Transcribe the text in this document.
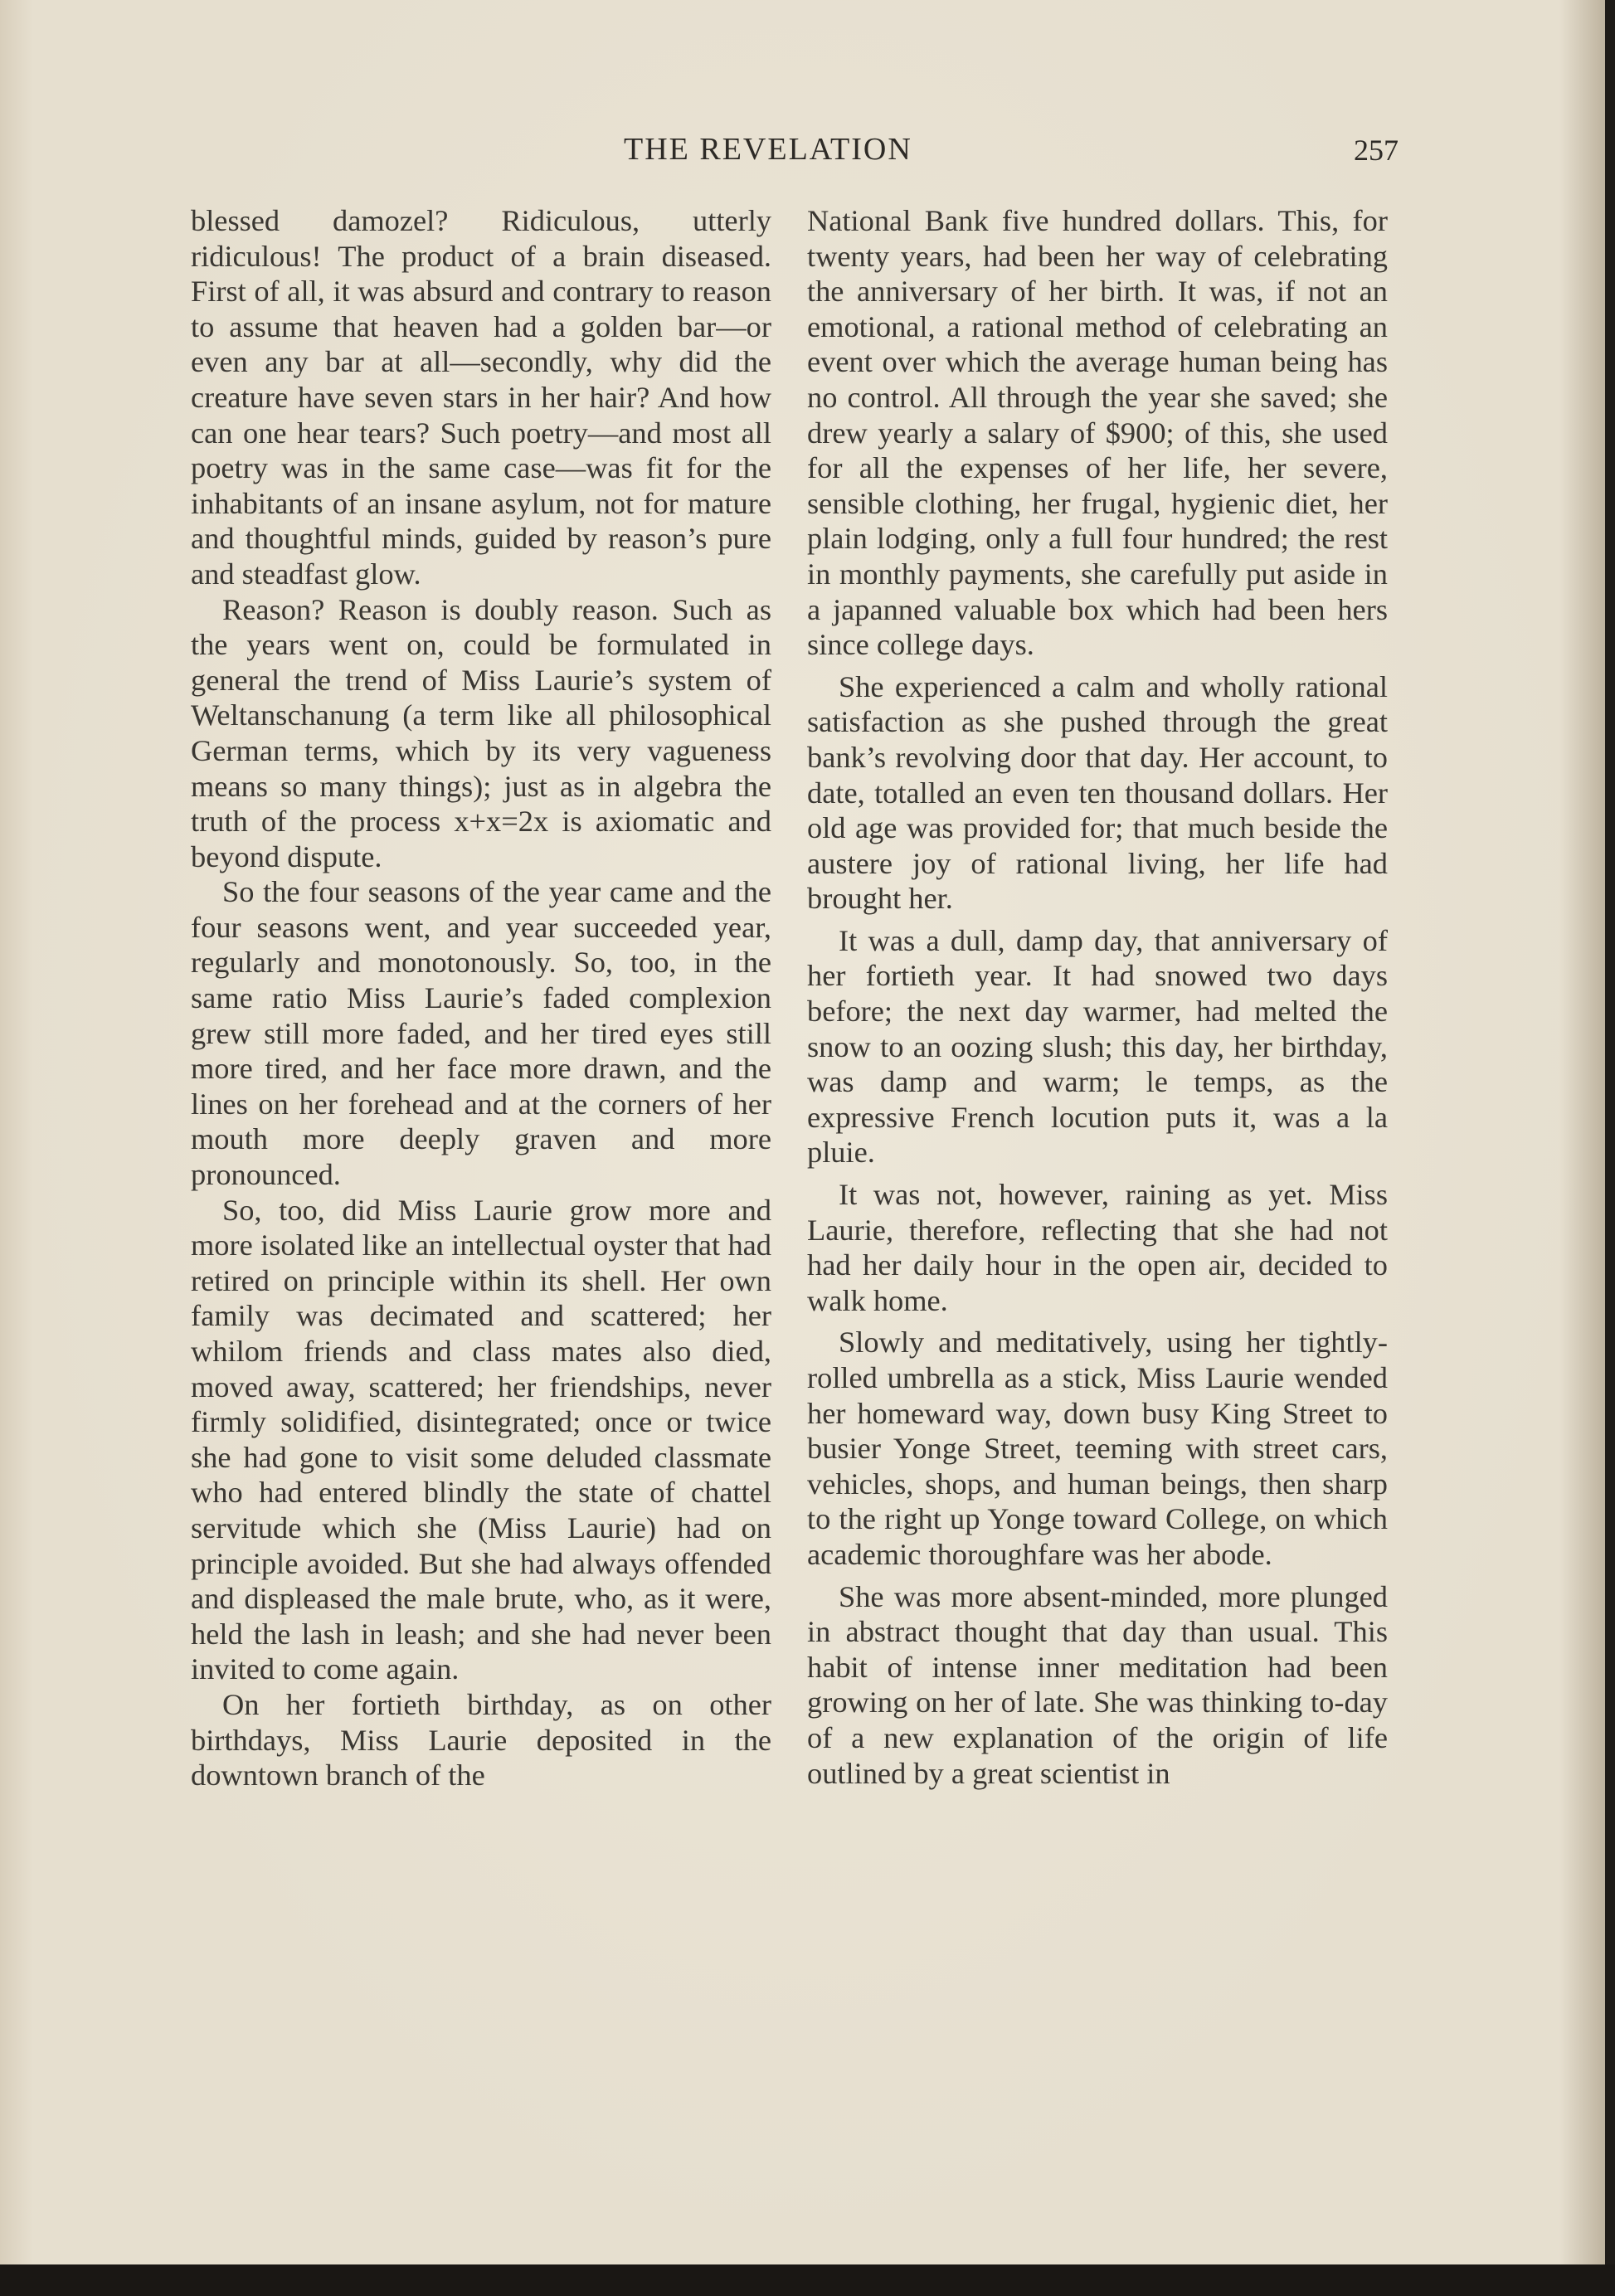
THE REVELATION	257

blessed damozel? Ridiculous, utterly ridiculous! The product of a brain diseased. First of all, it was absurd and contrary to reason to assume that heaven had a golden bar—or even any bar at all—secondly, why did the creature have seven stars in her hair? And how can one hear tears? Such poetry—and most all poetry was in the same case—was fit for the inhabitants of an insane asylum, not for mature and thoughtful minds, guided by reason’s pure and steadfast glow.

Reason? Reason is doubly reason. Such as the years went on, could be formulated in general the trend of Miss Laurie’s system of Weltanschanung (a term like all philosophical German terms, which by its very vagueness means so many things); just as in algebra the truth of the process x+x=2x is axiomatic and beyond dispute.

So the four seasons of the year came and the four seasons went, and year succeeded year, regularly and monotonously. So, too, in the same ratio Miss Laurie’s faded complexion grew still more faded, and her tired eyes still more tired, and her face more drawn, and the lines on her forehead and at the corners of her mouth more deeply graven and more pronounced.

So, too, did Miss Laurie grow more and more isolated like an intellectual oyster that had retired on principle within its shell. Her own family was decimated and scattered; her whilom friends and class mates also died, moved away, scattered; her friendships, never firmly solidified, disintegrated; once or twice she had gone to visit some deluded classmate who had entered blindly the state of chattel servitude which she (Miss Laurie) had on principle avoided. But she had always offended and displeased the male brute, who, as it were, held the lash in leash; and she had never been invited to come again.

On her fortieth birthday, as on other birthdays, Miss Laurie deposited in the downtown branch of the

National Bank five hundred dollars. This, for twenty years, had been her way of celebrating the anniversary of her birth. It was, if not an emotional, a rational method of celebrating an event over which the average human being has no control. All through the year she saved; she drew yearly a salary of $900; of this, she used for all the expenses of her life, her severe, sensible clothing, her frugal, hygienic diet, her plain lodging, only a full four hundred; the rest in monthly payments, she carefully put aside in a japanned valuable box which had been hers since college days.

She experienced a calm and wholly rational satisfaction as she pushed through the great bank’s revolving door that day. Her account, to date, totalled an even ten thousand dollars. Her old age was provided for; that much beside the austere joy of rational living, her life had brought her.

It was a dull, damp day, that anniversary of her fortieth year. It had snowed two days before; the next day warmer, had melted the snow to an oozing slush; this day, her birthday, was damp and warm; le temps, as the expressive French locution puts it, was a la pluie.

It was not, however, raining as yet. Miss Laurie, therefore, reflecting that she had not had her daily hour in the open air, decided to walk home.

Slowly and meditatively, using her tightly-rolled umbrella as a stick, Miss Laurie wended her homeward way, down busy King Street to busier Yonge Street, teeming with street cars, vehicles, shops, and human beings, then sharp to the right up Yonge toward College, on which academic thoroughfare was her abode.

She was more absent-minded, more plunged in abstract thought that day than usual. This habit of intense inner meditation had been growing on her of late. She was thinking to-day of a new explanation of the origin of life outlined by a great scientist in
